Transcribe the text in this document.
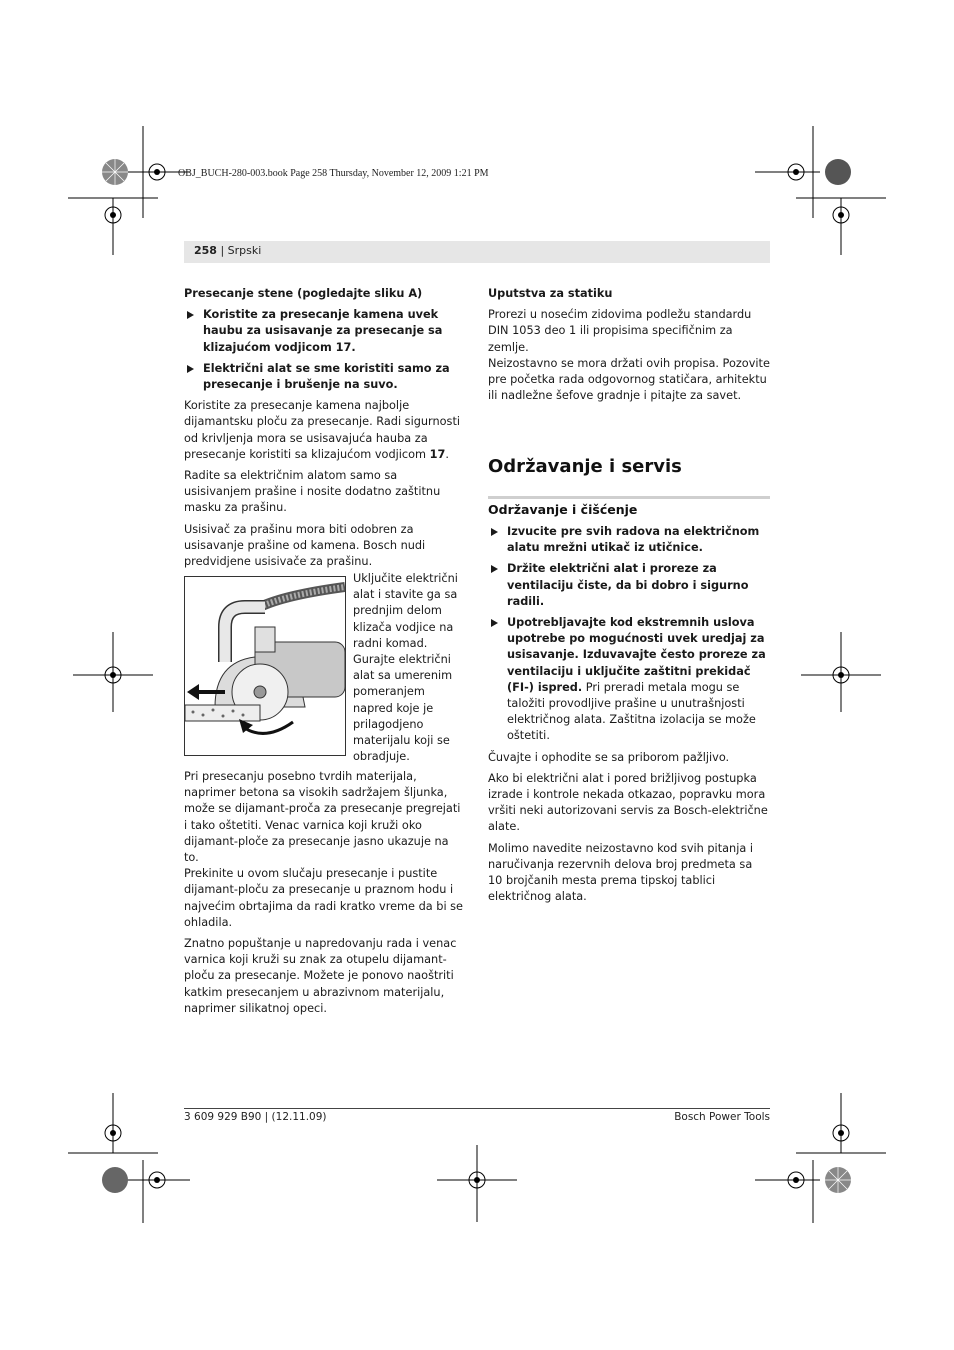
OBJ_BUCH-280-003.book Page 258 Thursday, November 12, 2009 1:21 PM
258 | Srpski

Presecanje stene (pogledajte sliku A)

Koristite za presecanje kamena uvek haubu za usisavanje za presecanje sa klizajućom vodjicom 17.

Električni alat se sme koristiti samo za presecanje i brušenje na suvo.

Koristite za presecanje kamena najbolje dijamantsku ploču za presecanje. Radi sigurnosti od krivljenja mora se usisavajuća hauba za presecanje koristiti sa klizajućom vodjicom 17.

Radite sa električnim alatom samo sa usisivanjem prašine i nosite dodatno zaštitnu masku za prašinu.

Usisivač za prašinu mora biti odobren za usisavanje prašine od kamena. Bosch nudi predvidjene usisivače za prašinu.

Uključite električni alat i stavite ga sa prednjim delom klizača vodjice na radni komad. Gurajte električni alat sa umerenim pomeranjem napred koje je prilagodjeno materijalu koji se obradjuje.

Pri presecanju posebno tvrdih materijala, naprimer betona sa visokih sadržajem šljunka, može se dijamant-proča za presecanje pregrejati i tako oštetiti. Venac varnica koji kruži oko dijamant-ploče za presecanje jasno ukazuje na to.

Prekinite u ovom slučaju presecanje i pustite dijamant-ploču za presecanje u praznom hodu i najvećim obrtajima da radi kratko vreme da bi se ohladila.

Znatno popuštanje u napredovanju rada i venac varnica koji kruži su znak za otupelu dijamant-ploču za presecanje. Možete je ponovo naoštriti katkim presecanjem u abrazivnom materijalu, naprimer silikatnoj opeci.

Uputstva za statiku

Prorezi u nosećim zidovima podležu standardu DIN 1053 deo 1 ili propisima specifičnim za zemlje.

Neizostavno se mora držati ovih propisa. Pozovite pre početka rada odgovornog statičara, arhitektu ili nadležne šefove gradnje i pitajte za savet.

Održavanje i servis
Održavanje i čišćenje

Izvucite pre svih radova na električnom alatu mrežni utikač iz utičnice.

Držite električni alat i proreze za ventilaciju čiste, da bi dobro i sigurno radili.

Upotrebljavajte kod ekstremnih uslova upotrebe po mogućnosti uvek uredjaj za usisavanje. Izduvavajte često proreze za ventilaciju i uključite zaštitni prekidač (FI-) ispred. Pri preradi metala mogu se taložiti provodljive prašine u unutrašnjosti električnog alata. Zaštitna izolacija se može oštetiti.

Čuvajte i ophodite se sa priborom pažljivo.

Ako bi električni alat i pored brižljivog postupka izrade i kontrole nekada otkazao, popravku mora vršiti neki autorizovani servis za Bosch-električne alate.

Molimo navedite neizostavno kod svih pitanja i naručivanja rezervnih delova broj predmeta sa 10 brojčanih mesta prema tipskoj tablici električnog alata.

3 609 929 B90 | (12.11.09)	Bosch Power Tools
